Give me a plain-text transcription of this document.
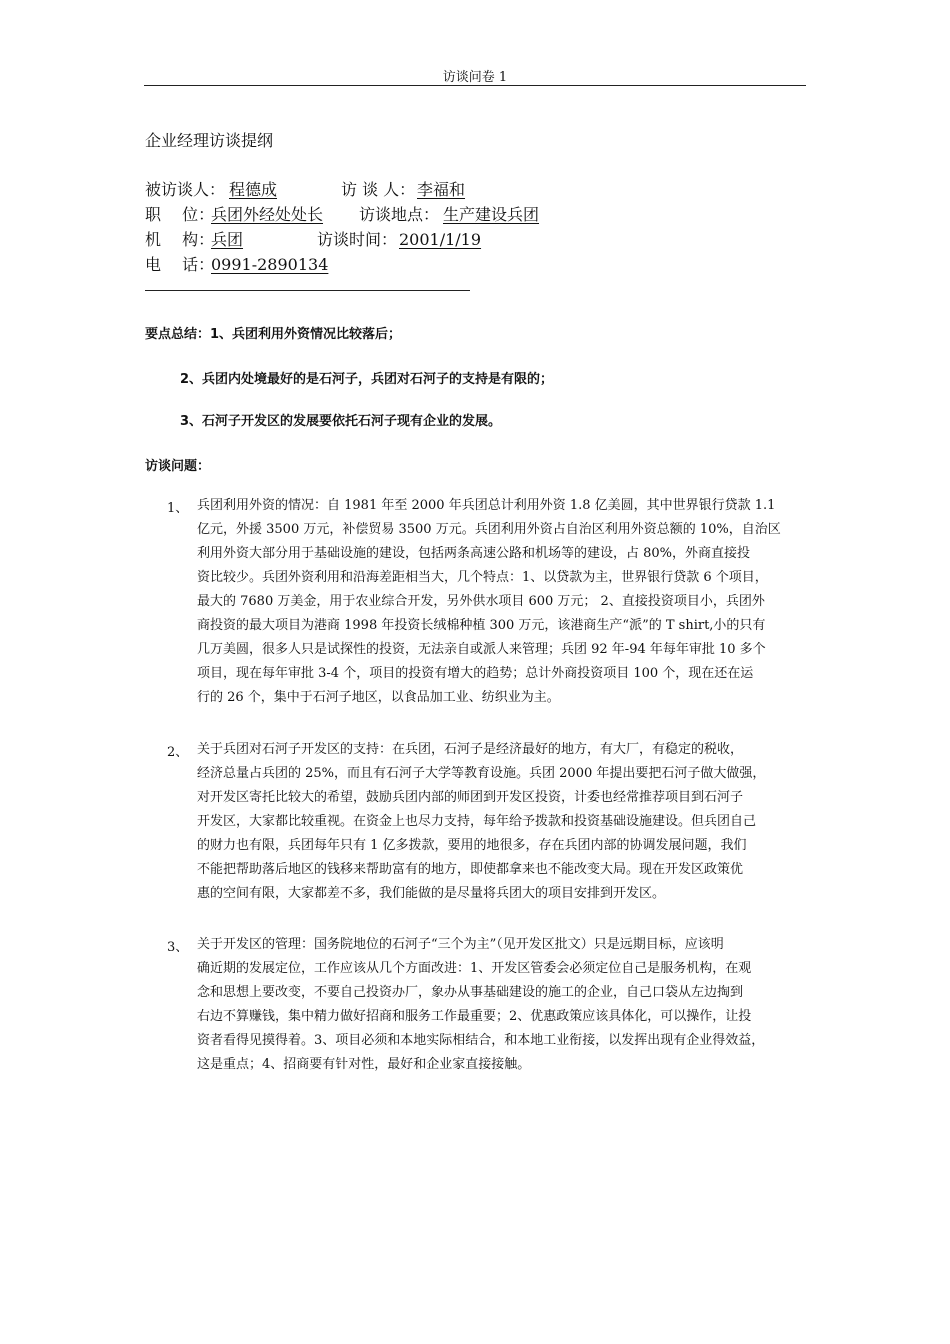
访谈问卷 1
企业经理访谈提纲
被访谈人： 程德成	访 谈 人： 李福和
职　 位：兵团外经处处长 访谈地点： 生产建设兵团
机　 构：兵团	访谈时间： 2001/1/19
电　 话：0991-2890134
要点总结：1、兵团利用外资情况比较落后；
2、兵团内处境最好的是石河子，兵团对石河子的支持是有限的；
3、石河子开发区的发展要依托石河子现有企业的发展。
访谈问题：
1、 兵团利用外资的情况：自 1981 年至 2000 年兵团总计利用外资 1.8 亿美圆，其中世界银行贷款 1.1
亿元，外援 3500 万元，补偿贸易 3500 万元。兵团利用外资占自治区利用外资总额的 10%，自治区
利用外资大部分用于基础设施的建设，包括两条高速公路和机场等的建设，占 80%，外商直接投
资比较少。兵团外资利用和沿海差距相当大，几个特点：1、以贷款为主，世界银行贷款 6 个项目，
最大的 7680 万美金，用于农业综合开发，另外供水项目 600 万元； 2、直接投资项目小，兵团外
商投资的最大项目为港商 1998 年投资长绒棉种植 300 万元，该港商生产“派”的 T shirt,小的只有
几万美圆，很多人只是试探性的投资，无法亲自或派人来管理；兵团 92 年-94 年每年审批 10 多个
项目，现在每年审批 3-4 个，项目的投资有增大的趋势；总计外商投资项目 100 个，现在还在运
行的 26 个，集中于石河子地区，以食品加工业、纺织业为主。
2、 关于兵团对石河子开发区的支持：在兵团，石河子是经济最好的地方，有大厂，有稳定的税收，
经济总量占兵团的 25%，而且有石河子大学等教育设施。兵团 2000 年提出要把石河子做大做强，
对开发区寄托比较大的希望，鼓励兵团内部的师团到开发区投资，计委也经常推荐项目到石河子
开发区，大家都比较重视。在资金上也尽力支持，每年给予拨款和投资基础设施建设。但兵团自己
的财力也有限，兵团每年只有 1 亿多拨款，要用的地很多，存在兵团内部的协调发展问题，我们
不能把帮助落后地区的钱移来帮助富有的地方，即使都拿来也不能改变大局。现在开发区政策优
惠的空间有限，大家都差不多，我们能做的是尽量将兵团大的项目安排到开发区。
3、 关于开发区的管理：国务院地位的石河子“三个为主”（见开发区批文）只是远期目标，应该明
确近期的发展定位，工作应该从几个方面改进：1、开发区管委会必须定位自己是服务机构，在观
念和思想上要改变，不要自己投资办厂，象办从事基础建设的施工的企业，自己口袋从左边掏到
右边不算赚钱，集中精力做好招商和服务工作最重要；2、优惠政策应该具体化，可以操作，让投
资者看得见摸得着。3、项目必须和本地实际相结合，和本地工业衔接，以发挥出现有企业得效益，
这是重点；4、招商要有针对性，最好和企业家直接接触。
